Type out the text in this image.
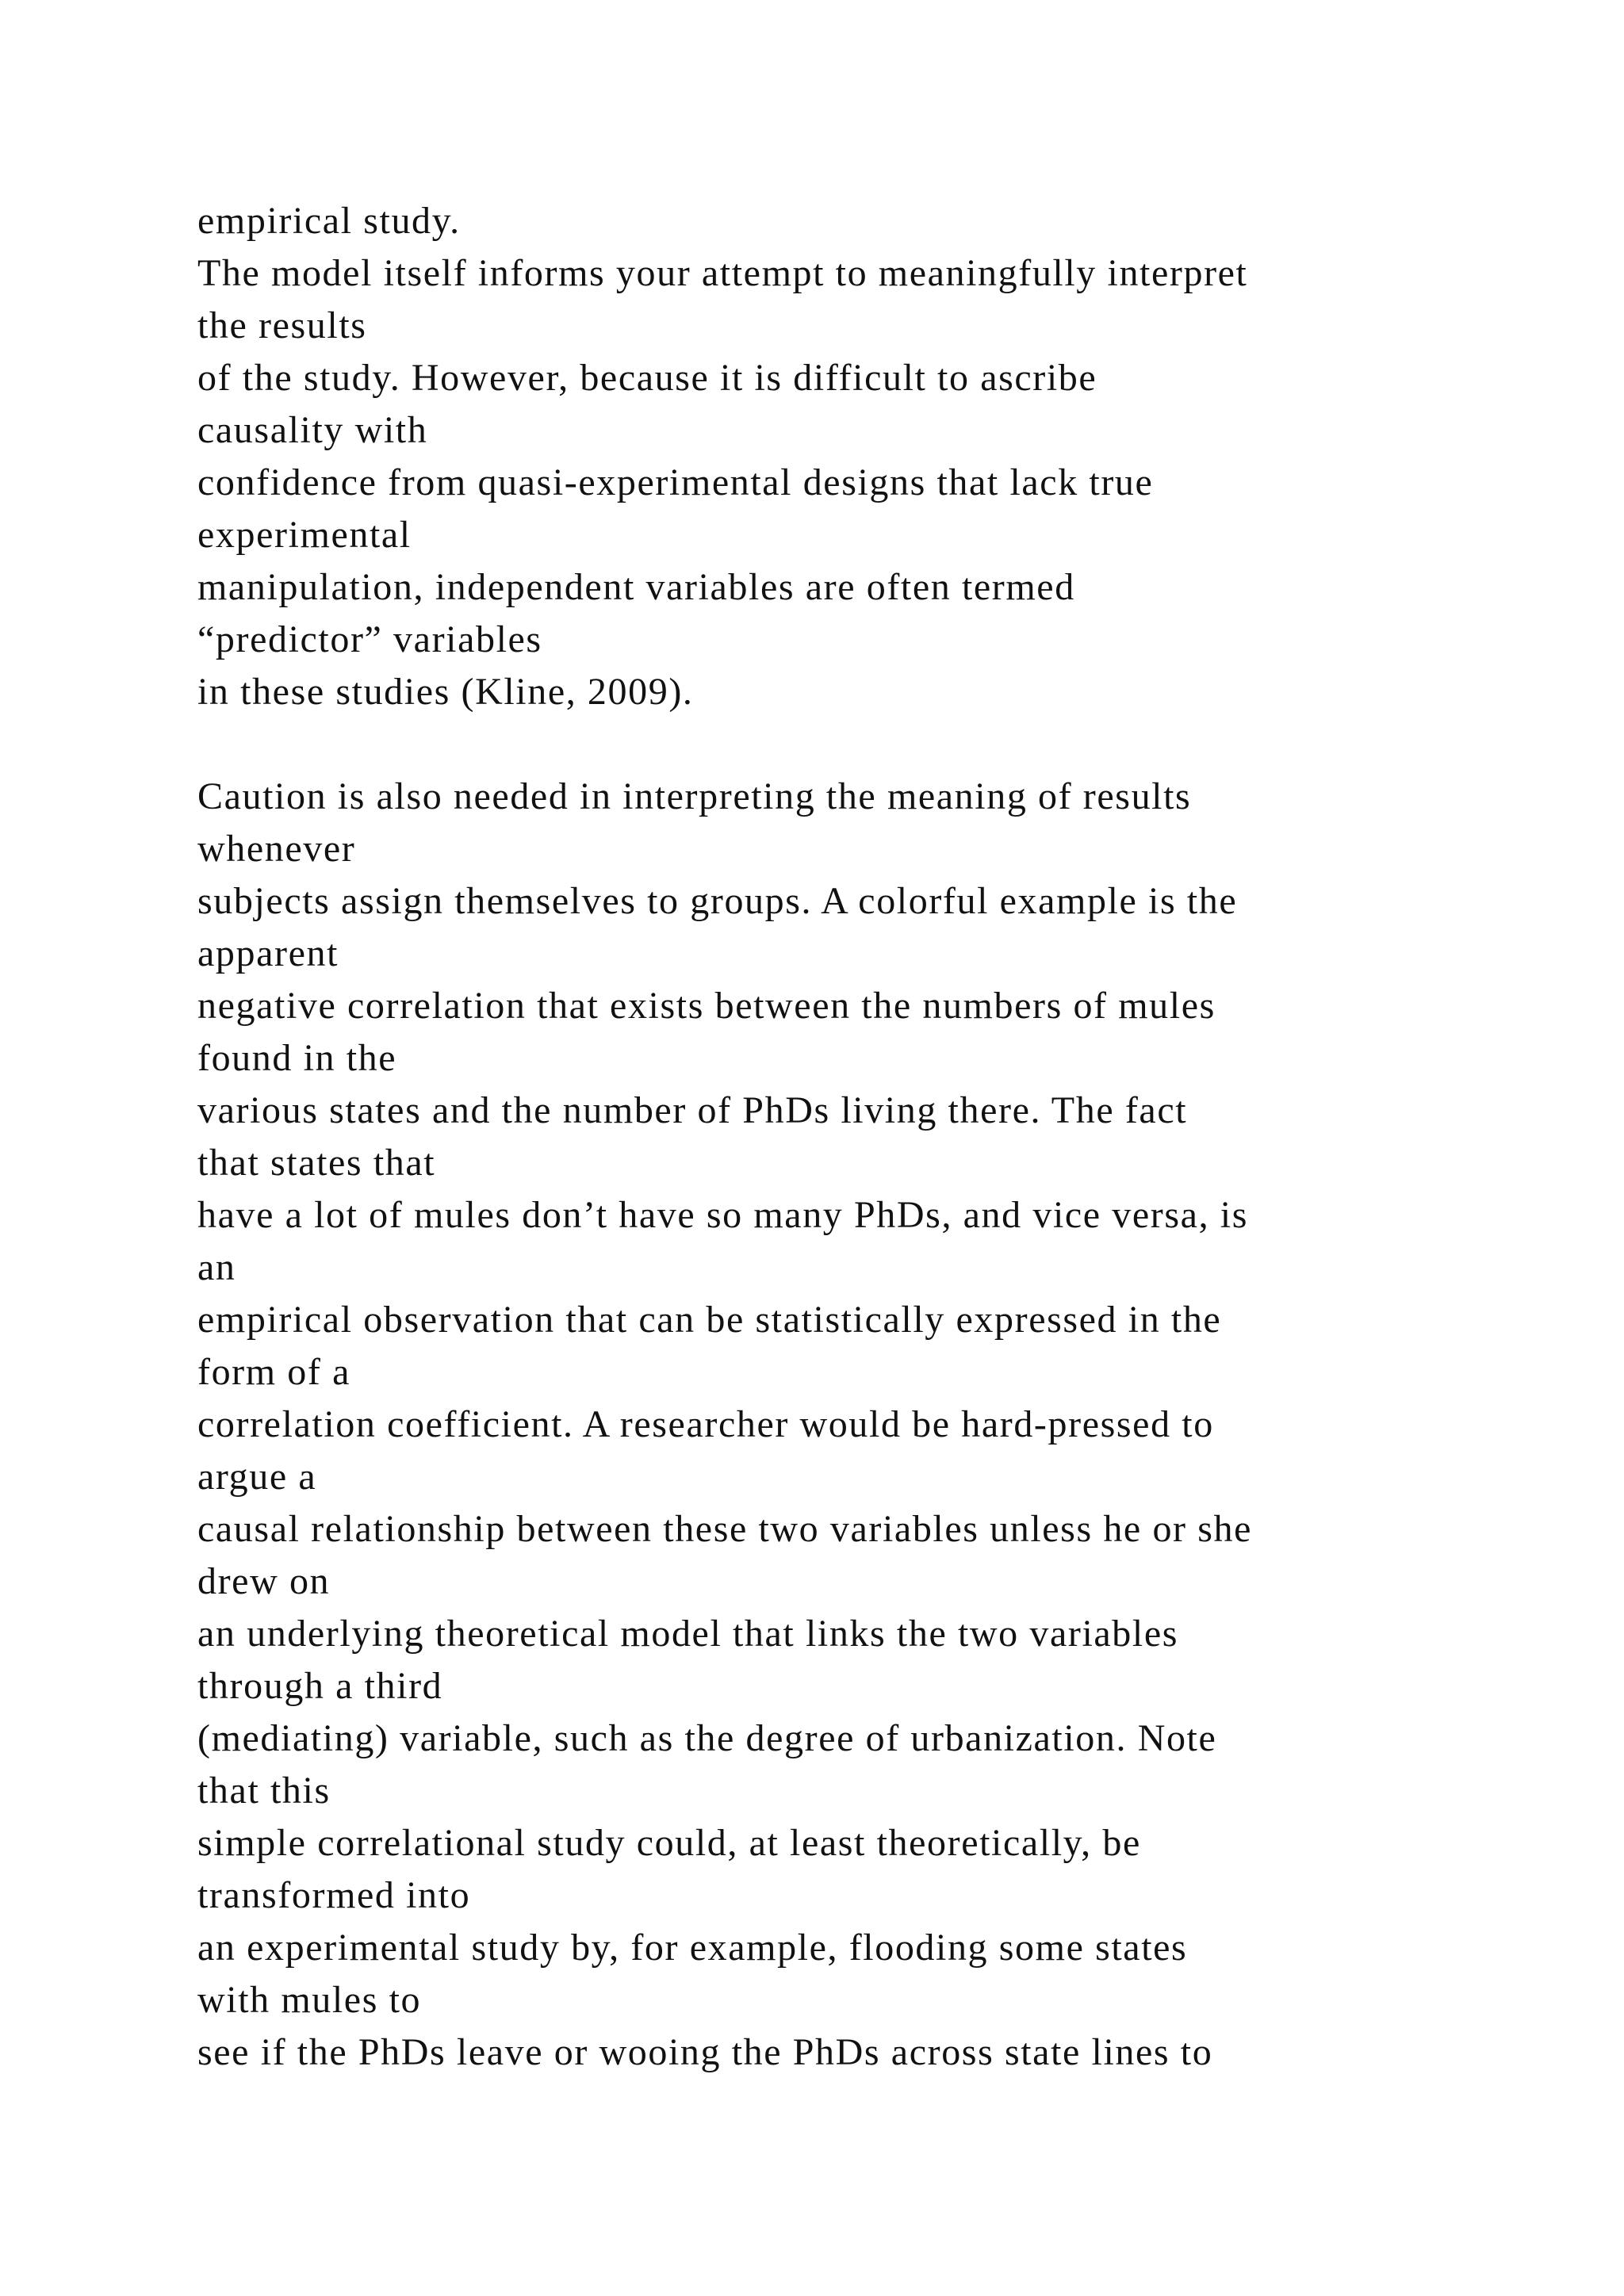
empirical study.
The model itself informs your attempt to meaningfully interpret
the results
of the study. However, because it is difficult to ascribe
causality with
confidence from quasi-experimental designs that lack true
experimental
manipulation, independent variables are often termed
“predictor” variables
in these studies (Kline, 2009).
Caution is also needed in interpreting the meaning of results
whenever
subjects assign themselves to groups. A colorful example is the
apparent
negative correlation that exists between the numbers of mules
found in the
various states and the number of PhDs living there. The fact
that states that
have a lot of mules don’t have so many PhDs, and vice versa, is
an
empirical observation that can be statistically expressed in the
form of a
correlation coefficient. A researcher would be hard-pressed to
argue a
causal relationship between these two variables unless he or she
drew on
an underlying theoretical model that links the two variables
through a third
(mediating) variable, such as the degree of urbanization. Note
that this
simple correlational study could, at least theoretically, be
transformed into
an experimental study by, for example, flooding some states
with mules to
see if the PhDs leave or wooing the PhDs across state lines to
